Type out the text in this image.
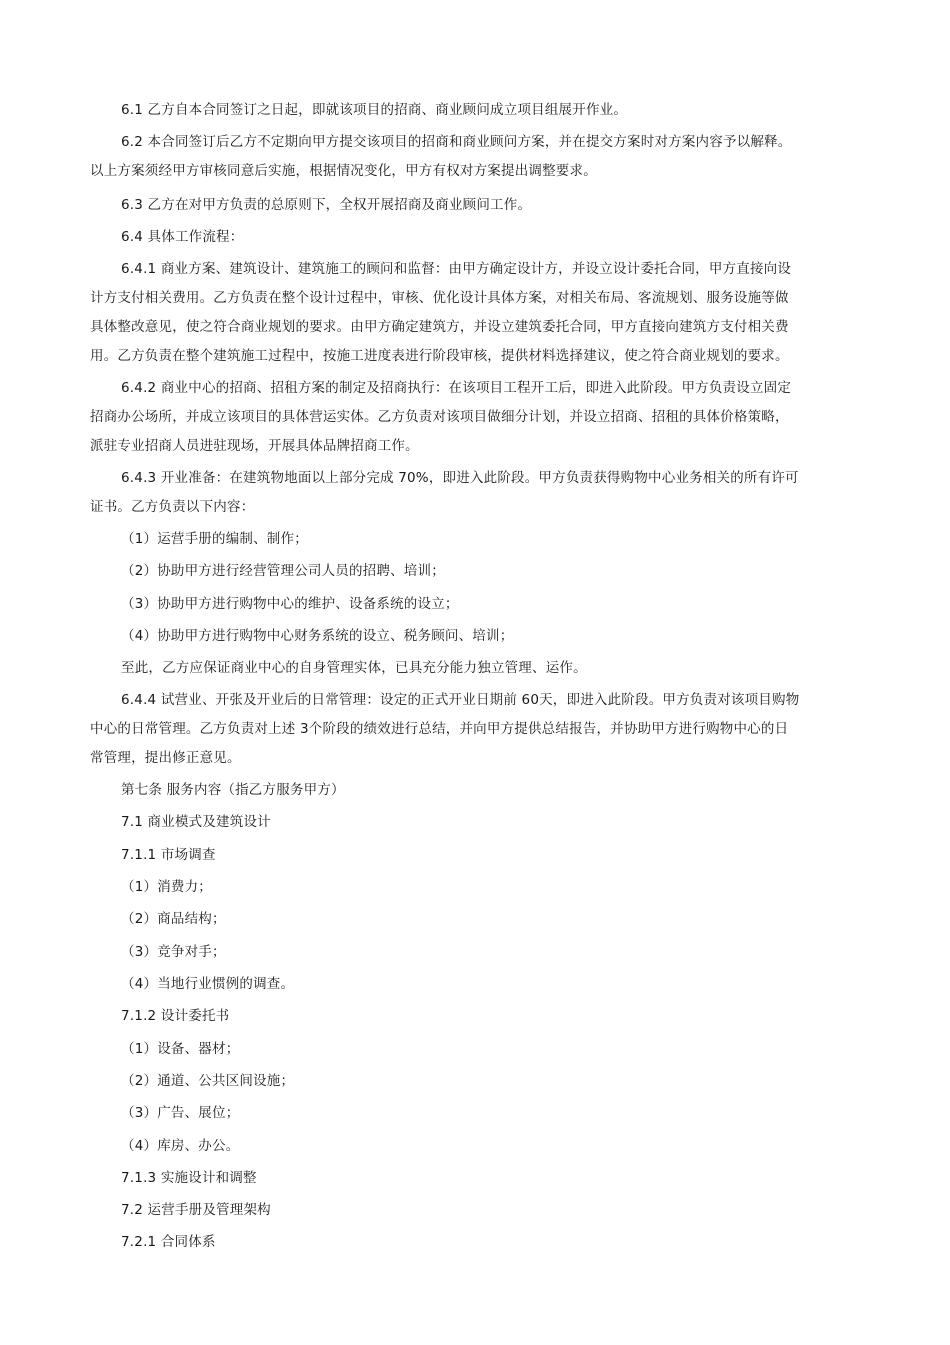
6.1 乙方自本合同签订之日起，即就该项目的招商、商业顾问成立项目组展开作业。
6.2 本合同签订后乙方不定期向甲方提交该项目的招商和商业顾问方案，并在提交方案时对方案内容予以解释。
以上方案须经甲方审核同意后实施，根据情况变化，甲方有权对方案提出调整要求。
6.3 乙方在对甲方负责的总原则下，全权开展招商及商业顾问工作。
6.4 具体工作流程：
6.4.1 商业方案、建筑设计、建筑施工的顾问和监督：由甲方确定设计方，并设立设计委托合同，甲方直接向设
计方支付相关费用。乙方负责在整个设计过程中，审核、优化设计具体方案，对相关布局、客流规划、服务设施等做
具体整改意见，使之符合商业规划的要求。由甲方确定建筑方，并设立建筑委托合同，甲方直接向建筑方支付相关费
用。乙方负责在整个建筑施工过程中，按施工进度表进行阶段审核，提供材料选择建议，使之符合商业规划的要求。
6.4.2 商业中心的招商、招租方案的制定及招商执行：在该项目工程开工后，即进入此阶段。甲方负责设立固定
招商办公场所，并成立该项目的具体营运实体。乙方负责对该项目做细分计划，并设立招商、招租的具体价格策略，
派驻专业招商人员进驻现场，开展具体品牌招商工作。
6.4.3 开业准备：在建筑物地面以上部分完成 70%，即进入此阶段。甲方负责获得购物中心业务相关的所有许可
证书。乙方负责以下内容：
（1）运营手册的编制、制作；
（2）协助甲方进行经营管理公司人员的招聘、培训；
（3）协助甲方进行购物中心的维护、设备系统的设立；
（4）协助甲方进行购物中心财务系统的设立、税务顾问、培训；
至此，乙方应保证商业中心的自身管理实体，已具充分能力独立管理、运作。
6.4.4 试营业、开张及开业后的日常管理：设定的正式开业日期前 60天，即进入此阶段。甲方负责对该项目购物
中心的日常管理。乙方负责对上述 3个阶段的绩效进行总结，并向甲方提供总结报告，并协助甲方进行购物中心的日
常管理，提出修正意见。
第七条 服务内容（指乙方服务甲方）
7.1 商业模式及建筑设计
7.1.1 市场调查
（1）消费力；
（2）商品结构；
（3）竞争对手；
（4）当地行业惯例的调查。
7.1.2 设计委托书
（1）设备、器材；
（2）通道、公共区间设施；
（3）广告、展位；
（4）库房、办公。
7.1.3 实施设计和调整
7.2 运营手册及管理架构
7.2.1 合同体系
